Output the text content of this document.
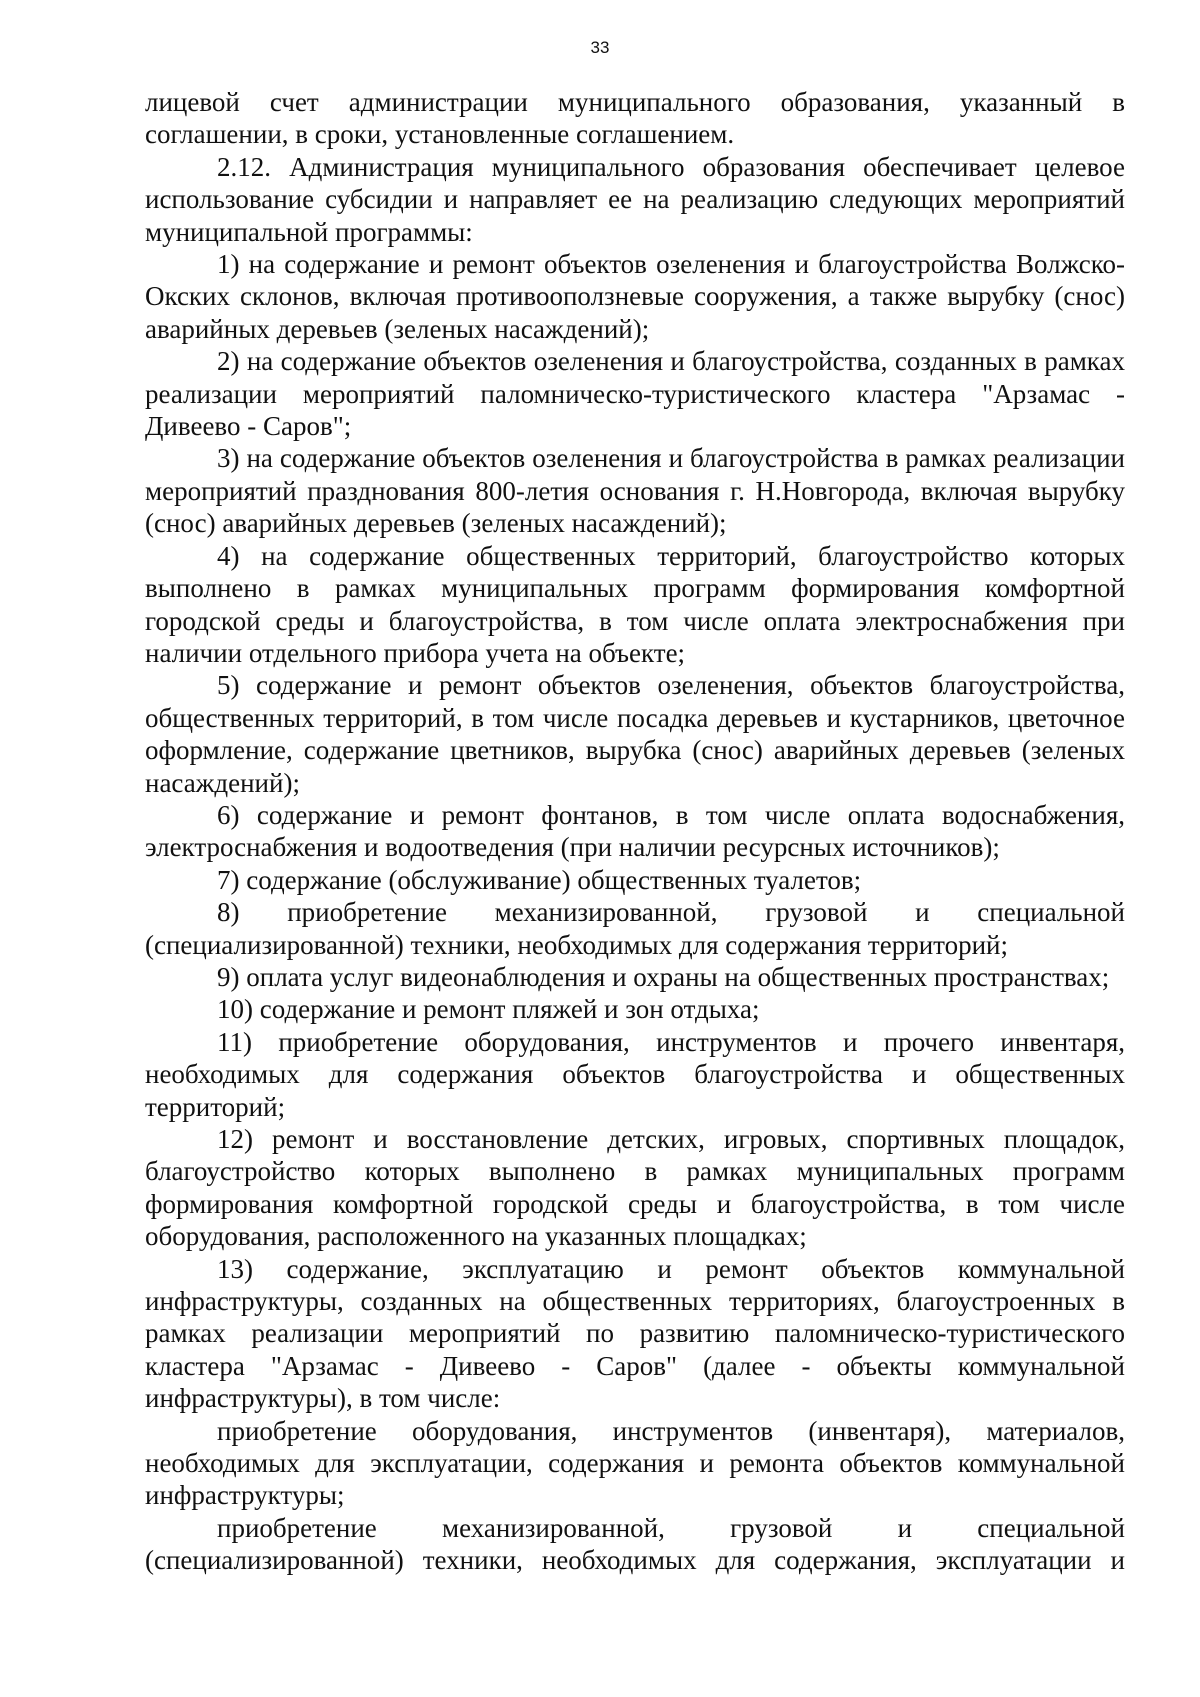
33

лицевой счет администрации муниципального образования, указанный в соглашении, в сроки, установленные соглашением.

2.12. Администрация муниципального образования обеспечивает целевое использование субсидии и направляет ее на реализацию следующих мероприятий муниципальной программы:

1) на содержание и ремонт объектов озеленения и благоустройства Волжско-Окских склонов, включая противооползневые сооружения, а также вырубку (снос) аварийных деревьев (зеленых насаждений);

2) на содержание объектов озеленения и благоустройства, созданных в рамках реализации мероприятий паломническо-туристического кластера "Арзамас - Дивеево - Саров";

3) на содержание объектов озеленения и благоустройства в рамках реализации мероприятий празднования 800-летия основания г. Н.Новгорода, включая вырубку (снос) аварийных деревьев (зеленых насаждений);

4) на содержание общественных территорий, благоустройство которых выполнено в рамках муниципальных программ формирования комфортной городской среды и благоустройства, в том числе оплата электроснабжения при наличии отдельного прибора учета на объекте;

5) содержание и ремонт объектов озеленения, объектов благоустройства, общественных территорий, в том числе посадка деревьев и кустарников, цветочное оформление, содержание цветников, вырубка (снос) аварийных деревьев (зеленых насаждений);

6) содержание и ремонт фонтанов, в том числе оплата водоснабжения, электроснабжения и водоотведения (при наличии ресурсных источников);

7) содержание (обслуживание) общественных туалетов;

8) приобретение механизированной, грузовой и специальной (специализированной) техники, необходимых для содержания территорий;

9) оплата услуг видеонаблюдения и охраны на общественных пространствах;

10) содержание и ремонт пляжей и зон отдыха;

11) приобретение оборудования, инструментов и прочего инвентаря, необходимых для содержания объектов благоустройства и общественных территорий;

12) ремонт и восстановление детских, игровых, спортивных площадок, благоустройство которых выполнено в рамках муниципальных программ формирования комфортной городской среды и благоустройства, в том числе оборудования, расположенного на указанных площадках;

13) содержание, эксплуатацию и ремонт объектов коммунальной инфраструктуры, созданных на общественных территориях, благоустроенных в рамках реализации мероприятий по развитию паломническо-туристического кластера "Арзамас - Дивеево - Саров" (далее - объекты коммунальной инфраструктуры), в том числе:

приобретение оборудования, инструментов (инвентаря), материалов, необходимых для эксплуатации, содержания и ремонта объектов коммунальной инфраструктуры;

приобретение механизированной, грузовой и специальной (специализированной) техники, необходимых для содержания, эксплуатации и
